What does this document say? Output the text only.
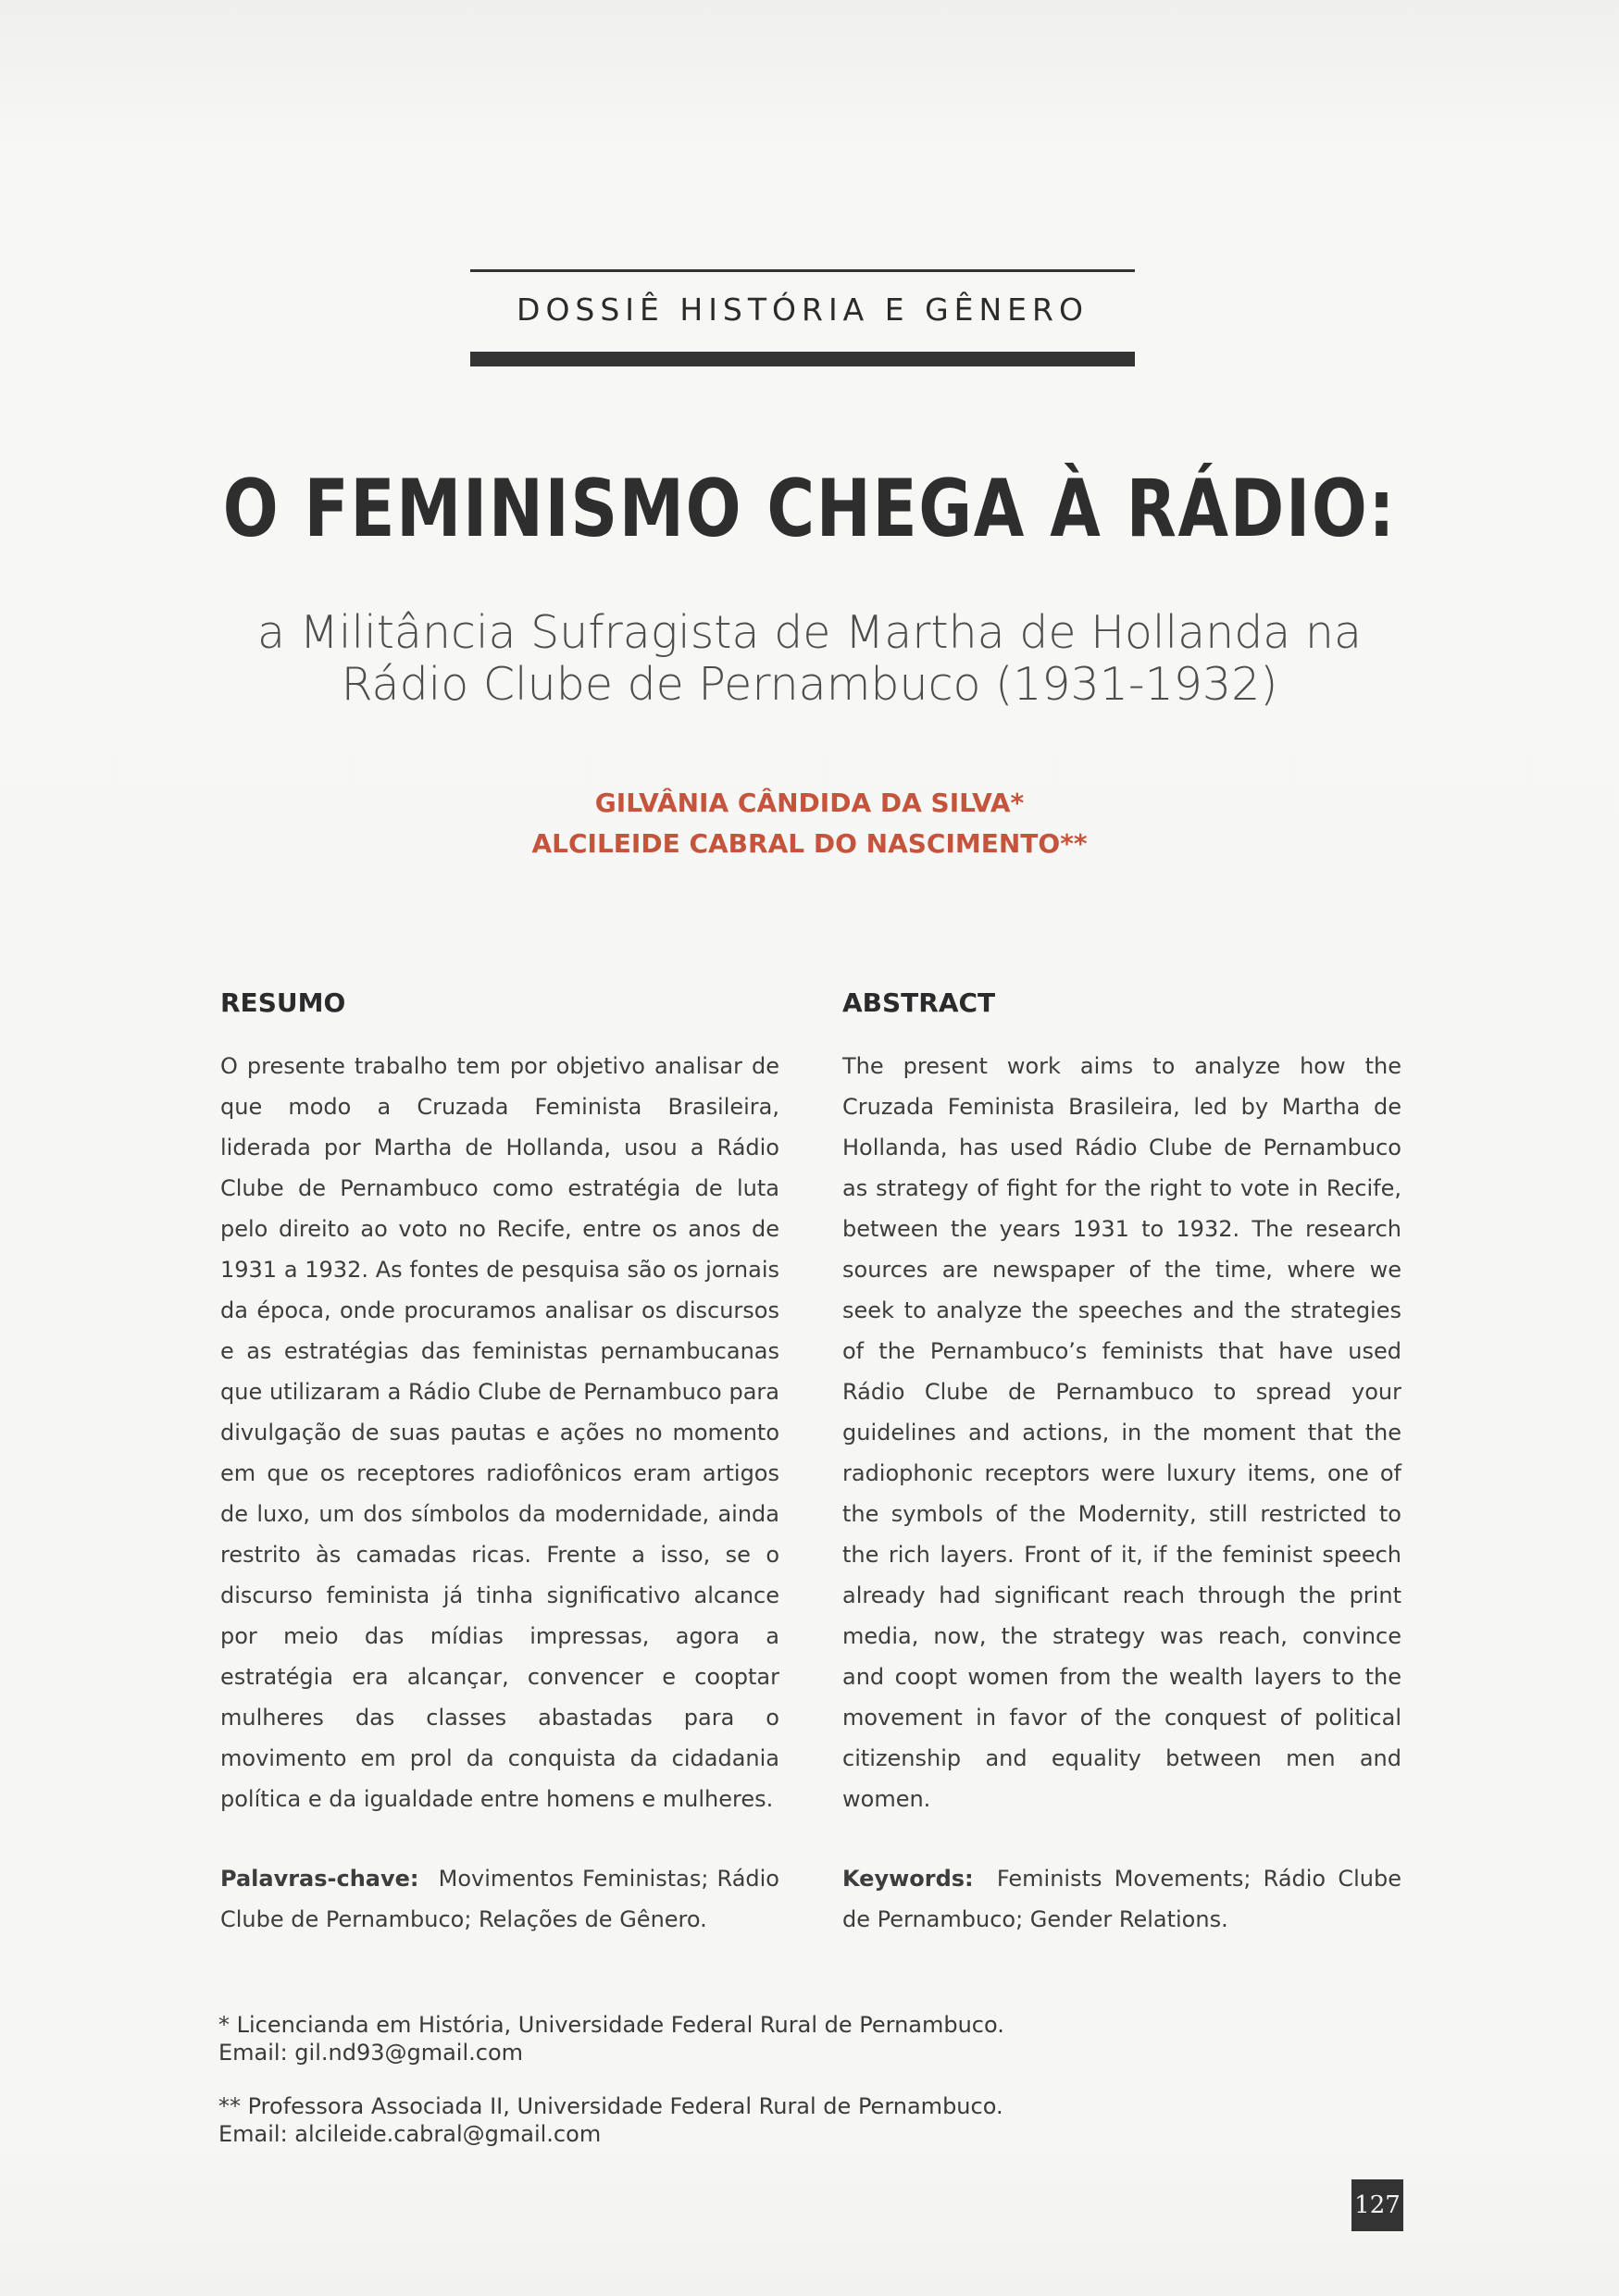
DOSSIÊ HISTÓRIA E GÊNERO
O FEMINISMO CHEGA À RÁDIO:
a Militância Sufragista de Martha de Hollanda na Rádio Clube de Pernambuco (1931-1932)
GILVÂNIA CÂNDIDA DA SILVA*
ALCILEIDE CABRAL DO NASCIMENTO**
RESUMO
O presente trabalho tem por objetivo analisar de que modo a Cruzada Feminista Brasileira, liderada por Martha de Hollanda, usou a Rádio Clube de Pernambuco como estratégia de luta pelo direito ao voto no Recife, entre os anos de 1931 a 1932. As fontes de pesquisa são os jornais da época, onde procuramos analisar os discursos e as estratégias das feministas pernambucanas que utilizaram a Rádio Clube de Pernambuco para divulgação de suas pautas e ações no momento em que os receptores radiofônicos eram artigos de luxo, um dos símbolos da modernidade, ainda restrito às camadas ricas. Frente a isso, se o discurso feminista já tinha significativo alcance por meio das mídias impressas, agora a estratégia era alcançar, convencer e cooptar mulheres das classes abastadas para o movimento em prol da conquista da cidadania política e da igualdade entre homens e mulheres.
Palavras-chave: Movimentos Feministas; Rádio Clube de Pernambuco; Relações de Gênero.
ABSTRACT
The present work aims to analyze how the Cruzada Feminista Brasileira, led by Martha de Hollanda, has used Rádio Clube de Pernambuco as strategy of fight for the right to vote in Recife, between the years 1931 to 1932. The research sources are newspaper of the time, where we seek to analyze the speeches and the strategies of the Pernambuco’s feminists that have used Rádio Clube de Pernambuco to spread your guidelines and actions, in the moment that the radiophonic receptors were luxury items, one of the symbols of the Modernity, still restricted to the rich layers. Front of it, if the feminist speech already had significant reach through the print media, now, the strategy was reach, convince and coopt women from the wealth layers to the movement in favor of the conquest of political citizenship and equality between men and women.
Keywords: Feminists Movements; Rádio Clube de Pernambuco; Gender Relations.
* Licencianda em História, Universidade Federal Rural de Pernambuco.
Email: gil.nd93@gmail.com
** Professora Associada II, Universidade Federal Rural de Pernambuco.
Email: alcileide.cabral@gmail.com
127
